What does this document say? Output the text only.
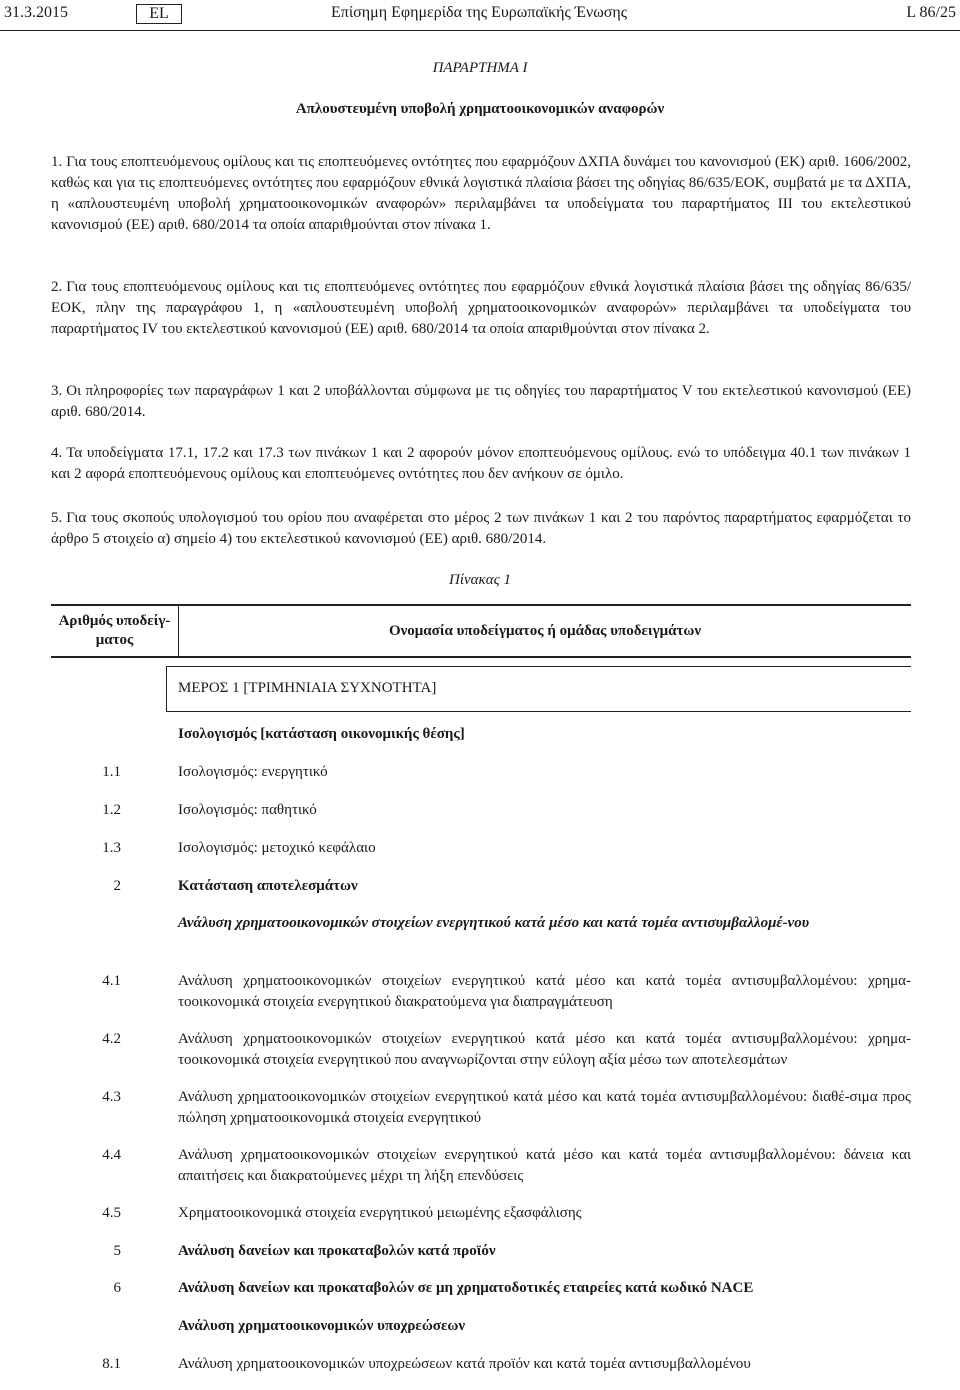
31.3.2015	EL	Επίσημη Εφημερίδα της Ευρωπαϊκής Ένωσης	L 86/25
ΠΑΡΑΡΤΗΜΑ I
Απλουστευμένη υποβολή χρηματοοικονομικών αναφορών

1. Για τους εποπτευόμενους ομίλους και τις εποπτευόμενες οντότητες που εφαρμόζουν ΔΧΠΑ δυνάμει του κανονισμού (ΕΚ) αριθ. 1606/2002, καθώς και για τις εποπτευόμενες οντότητες που εφαρμόζουν εθνικά λογιστικά πλαίσια βάσει της οδηγίας 86/635/ΕΟΚ, συμβατά με τα ΔΧΠΑ, η «απλουστευμένη υποβολή χρηματοοικονομικών αναφορών» περιλαμβάνει τα υποδείγματα του παραρτήματος III του εκτελεστικού κανονισμού (ΕΕ) αριθ. 680/2014 τα οποία απαριθμούνται στον πίνακα 1.

2. Για τους εποπτευόμενους ομίλους και τις εποπτευόμενες οντότητες που εφαρμόζουν εθνικά λογιστικά πλαίσια βάσει της οδηγίας 86/635/ΕΟΚ, πλην της παραγράφου 1, η «απλουστευμένη υποβολή χρηματοοικονομικών αναφορών» περιλαμβάνει τα υποδείγματα του παραρτήματος IV του εκτελεστικού κανονισμού (ΕΕ) αριθ. 680/2014 τα οποία απαριθμούνται στον πίνακα 2.

3. Οι πληροφορίες των παραγράφων 1 και 2 υποβάλλονται σύμφωνα με τις οδηγίες του παραρτήματος V του εκτελεστικού κανονισμού (ΕΕ) αριθ. 680/2014.

4. Τα υποδείγματα 17.1, 17.2 και 17.3 των πινάκων 1 και 2 αφορούν μόνον εποπτευόμενους ομίλους. ενώ το υπόδειγμα 40.1 των πινάκων 1 και 2 αφορά εποπτευόμενους ομίλους και εποπτευόμενες οντότητες που δεν ανήκουν σε όμιλο.

5. Για τους σκοπούς υπολογισμού του ορίου που αναφέρεται στο μέρος 2 των πινάκων 1 και 2 του παρόντος παραρτήματος εφαρμόζεται το άρθρο 5 στοιχείο α) σημείο 4) του εκτελεστικού κανονισμού (ΕΕ) αριθ. 680/2014.

Πίνακας 1
Αριθμός υποδείγ-ματος
Ονομασία υποδείγματος ή ομάδας υποδειγμάτων
ΜΕΡΟΣ 1 [ΤΡΙΜΗΝΙΑΙΑ ΣΥΧΝΟΤΗΤΑ]
Ισολογισμός [κατάσταση οικονομικής θέσης]
1.1	Ισολογισμός: ενεργητικό
1.2	Ισολογισμός: παθητικό
1.3	Ισολογισμός: μετοχικό κεφάλαιο
2	Κατάσταση αποτελεσμάτων
Ανάλυση χρηματοοικονομικών στοιχείων ενεργητικού κατά μέσο και κατά τομέα αντισυμβαλλομέ-νου
4.1	Ανάλυση χρηματοοικονομικών στοιχείων ενεργητικού κατά μέσο και κατά τομέα αντισυμβαλλομένου: χρημα-τοοικονομικά στοιχεία ενεργητικού διακρατούμενα για διαπραγμάτευση
4.2	Ανάλυση χρηματοοικονομικών στοιχείων ενεργητικού κατά μέσο και κατά τομέα αντισυμβαλλομένου: χρημα-τοοικονομικά στοιχεία ενεργητικού που αναγνωρίζονται στην εύλογη αξία μέσω των αποτελεσμάτων
4.3	Ανάλυση χρηματοοικονομικών στοιχείων ενεργητικού κατά μέσο και κατά τομέα αντισυμβαλλομένου: διαθέ-σιμα προς πώληση χρηματοοικονομικά στοιχεία ενεργητικού
4.4	Ανάλυση χρηματοοικονομικών στοιχείων ενεργητικού κατά μέσο και κατά τομέα αντισυμβαλλομένου: δάνεια και απαιτήσεις και διακρατούμενες μέχρι τη λήξη επενδύσεις
4.5	Χρηματοοικονομικά στοιχεία ενεργητικού μειωμένης εξασφάλισης
5	Ανάλυση δανείων και προκαταβολών κατά προϊόν
6	Ανάλυση δανείων και προκαταβολών σε μη χρηματοδοτικές εταιρείες κατά κωδικό NACE
Ανάλυση χρηματοοικονομικών υποχρεώσεων
8.1	Ανάλυση χρηματοοικονομικών υποχρεώσεων κατά προϊόν και κατά τομέα αντισυμβαλλομένου
